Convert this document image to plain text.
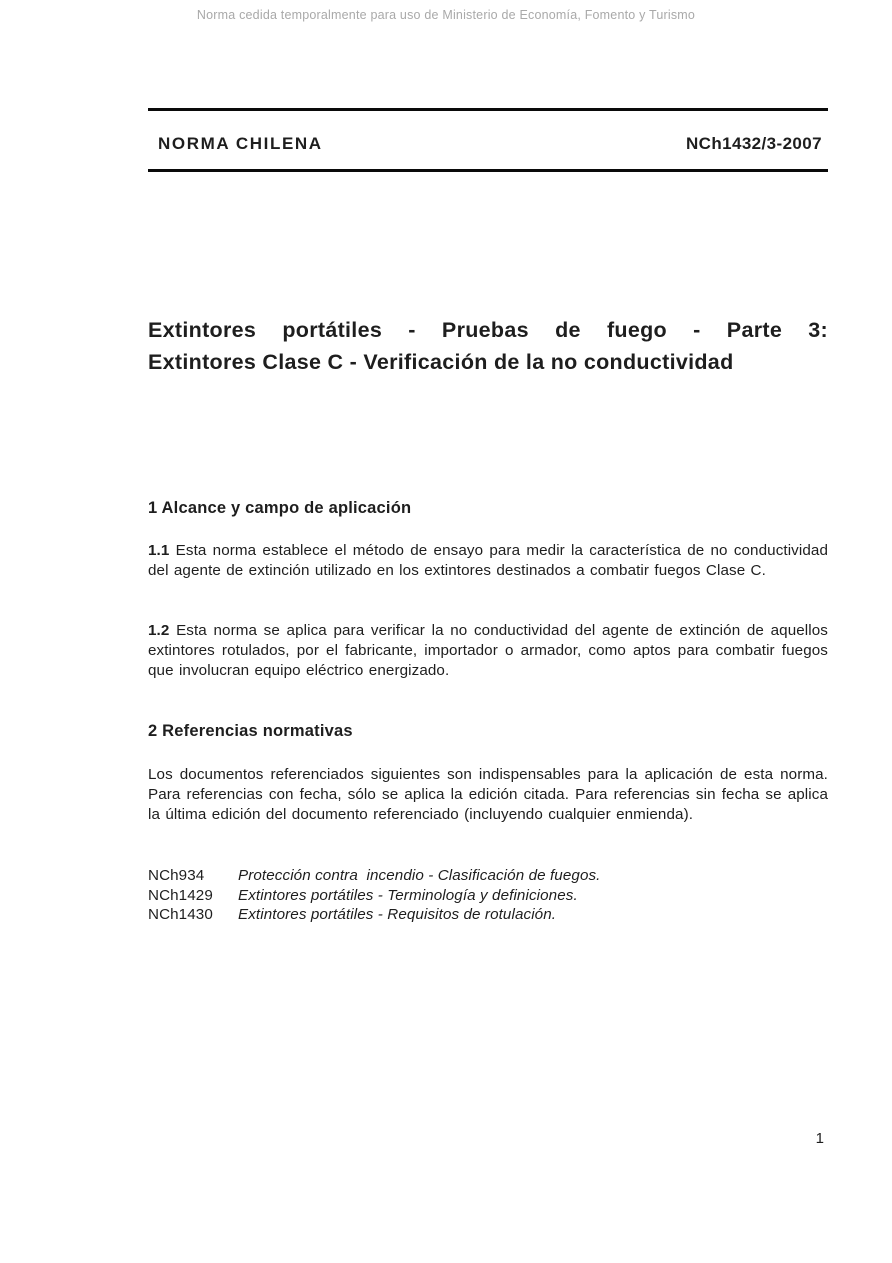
Norma cedida temporalmente para uso de Ministerio de Economía, Fomento y Turismo
NORMA CHILENA	NCh1432/3-2007
Extintores portátiles - Pruebas de fuego - Parte 3:
Extintores Clase C - Verificación de la no conductividad
1 Alcance y campo de aplicación

1.1 Esta norma establece el método de ensayo para medir la característica de no conductividad del agente de extinción utilizado en los extintores destinados a combatir fuegos Clase C.

1.2 Esta norma se aplica para verificar la no conductividad del agente de extinción de aquellos extintores rotulados, por el fabricante, importador o armador, como aptos para combatir fuegos que involucran equipo eléctrico energizado.

2 Referencias normativas

Los documentos referenciados siguientes son indispensables para la aplicación de esta norma. Para referencias con fecha, sólo se aplica la edición citada. Para referencias sin fecha se aplica la última edición del documento referenciado (incluyendo cualquier enmienda).

NCh934	Protección contra  incendio - Clasificación de fuegos.
NCh1429	Extintores portátiles - Terminología y definiciones.
NCh1430	Extintores portátiles - Requisitos de rotulación.
1
